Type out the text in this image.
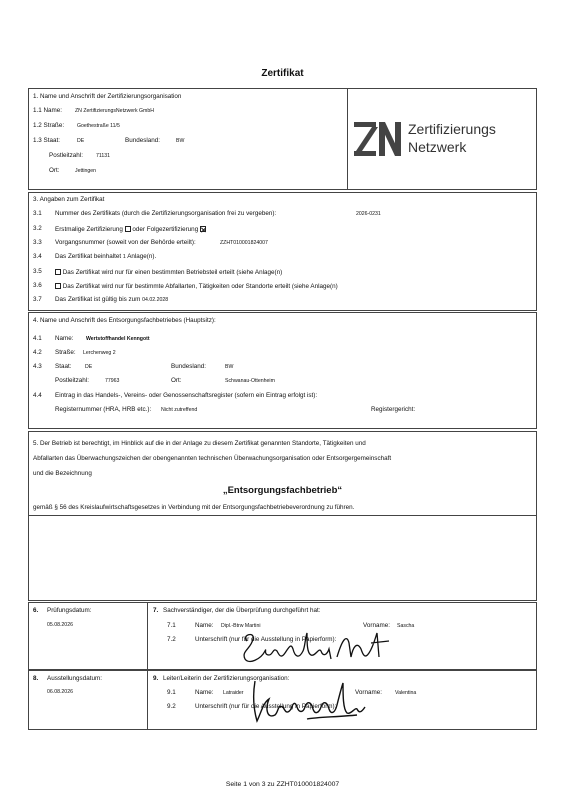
Zertifikat
1. Name und Anschrift der Zertifizierungsorganisation
1.1 Name: ZN ZertifizierungsNetzwerk GmbH
1.2 Straße: Goethestraße 11/5
1.3 Staat:	DE	Bundesland:	BW
Postleitzahl:	71131
Ort:	Jettingen
Zertifizierungs
Netzwerk
3. Angaben zum Zertifikat
3.1 Nummer des Zertifikats (durch die Zertifizierungsorganisation frei zu vergeben):	2026-0231
3.2 Erstmalige Zertifizierung oder Folgezertifizierung
3.3 Vorgangsnummer (soweit von der Behörde erteilt):	ZZHT010001824007
3.4 Das Zertifikat beinhaltet 1 Anlage(n).
3.5	Das Zertifikat wird nur für einen bestimmten Betriebsteil erteilt (siehe Anlage(n)
3.6	Das Zertifikat wird nur für bestimmte Abfallarten, Tätigkeiten oder Standorte erteilt (siehe Anlage(n)
3.7 Das Zertifikat ist gültig bis zum 04.02.2028
4. Name und Anschrift des Entsorgungsfachbetriebes (Hauptsitz):
4.1 Name: Wertstoffhandel Kenngott
4.2 Straße: Lerchenweg 2
4.3 Staat:	DE	Bundesland:	BW
Postleitzahl:	77963	Ort:	Schwanau-Ottenheim
4.4 Eintrag in das Handels-, Vereins- oder Genossenschaftsregister (sofern ein Eintrag erfolgt ist):
Registernummer (HRA, HRB etc.): Nicht zutreffend	Registergericht:
5. Der Betrieb ist berechtigt, im Hinblick auf die in der Anlage zu diesem Zertifikat genannten Standorte, Tätigkeiten und
Abfallarten das Überwachungszeichen der obengenannten technischen Überwachungsorganisation oder Entsorgergemeinschaft
und die Bezeichnung
„Entsorgungsfachbetrieb“
gemäß § 56 des Kreislaufwirtschaftsgesetzes in Verbindung mit der Entsorgungsfachbetriebeverordnung zu führen.
6. Prüfungsdatum:
05.08.2026
7. Sachverständiger, der die Überprüfung durchgeführt hat:
7.1	Name: Dipl.-Btrw Martini	Vorname: Sascha
7.2	Unterschrift (nur für die Ausstellung in Papierform):
8. Ausstellungsdatum:
06.08.2026
9. Leiter/Leiterin der Zertifizierungsorganisation:
9.1	Name: Latraider	Vorname:	Valentina
9.2	Unterschrift (nur für die Ausstellung in Papierform):
Seite 1 von 3 zu ZZHT010001824007
